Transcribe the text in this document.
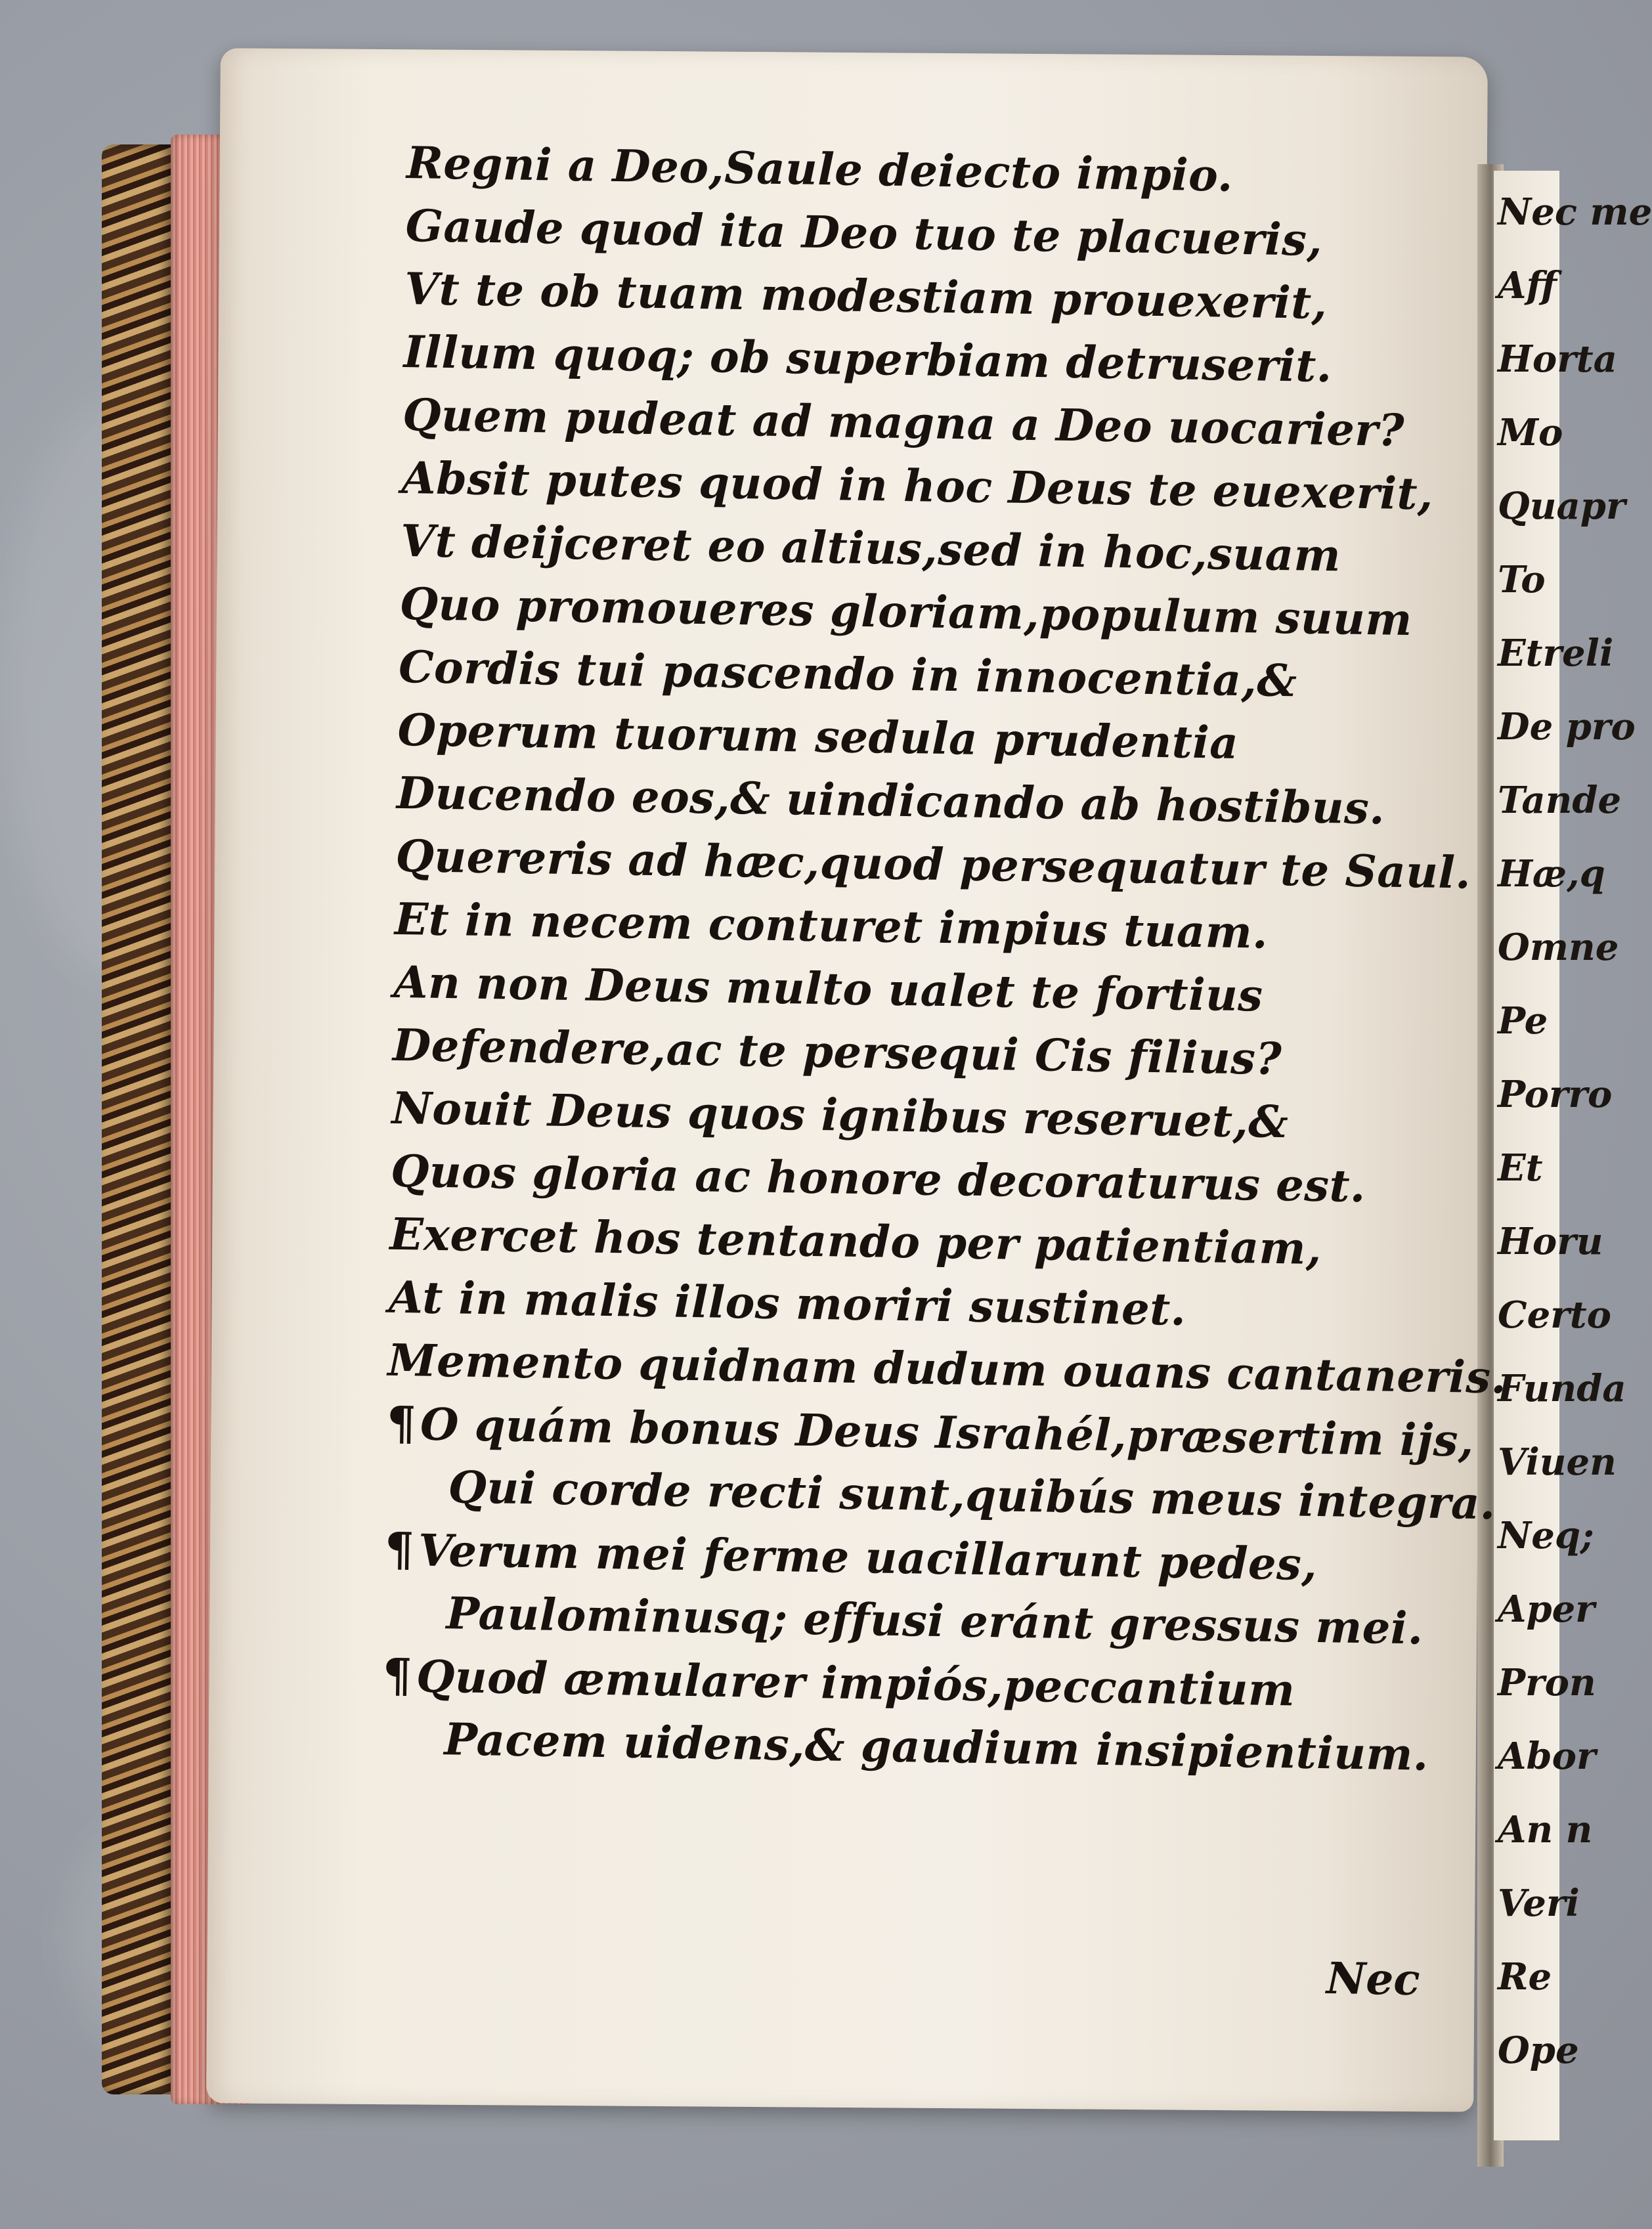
Nec me
Aff
Horta
Mo
Quapr
To
Etreli
De pro
Tande
Hæ,q
Omne
Pe
Porro
Et
Horu
Certo
Funda
Viuen
Neq;
Aper
Pron
Abor
An n
Veri
Re
Ope
Regni a Deo,Saule deiecto impio.
Gaude quod ita Deo tuo te placueris,
Vt te ob tuam modestiam prouexerit,
Illum quoq; ob superbiam detruserit.
Quem pudeat ad magna a Deo uocarier?
Absit putes quod in hoc Deus te euexerit,
Vt deijceret eo altius,sed in hoc,suam
Quo promoueres gloriam,populum suum
Cordis tui pascendo in innocentia,&
Operum tuorum sedula prudentia
Ducendo eos,& uindicando ab hostibus.
Quereris ad hæc,quod persequatur te Saul.
Et in necem conturet impius tuam.
An non Deus multo ualet te fortius
Defendere,ac te persequi Cis filius?
Nouit Deus quos ignibus reseruet,&
Quos gloria ac honore decoraturus est.
Exercet hos tentando per patientiam,
At in malis illos moriri sustinet.
Memento quidnam dudum ouans cantaneris.
¶O quám bonus Deus Israhél,præsertim ijs,
Qui corde recti sunt,quibús meus integra.
¶Verum mei ferme uacillarunt pedes,
Paulominusq; effusi eránt gressus mei.
¶Quod æmularer impiós,peccantium
Pacem uidens,& gaudium insipientium.
Nec
